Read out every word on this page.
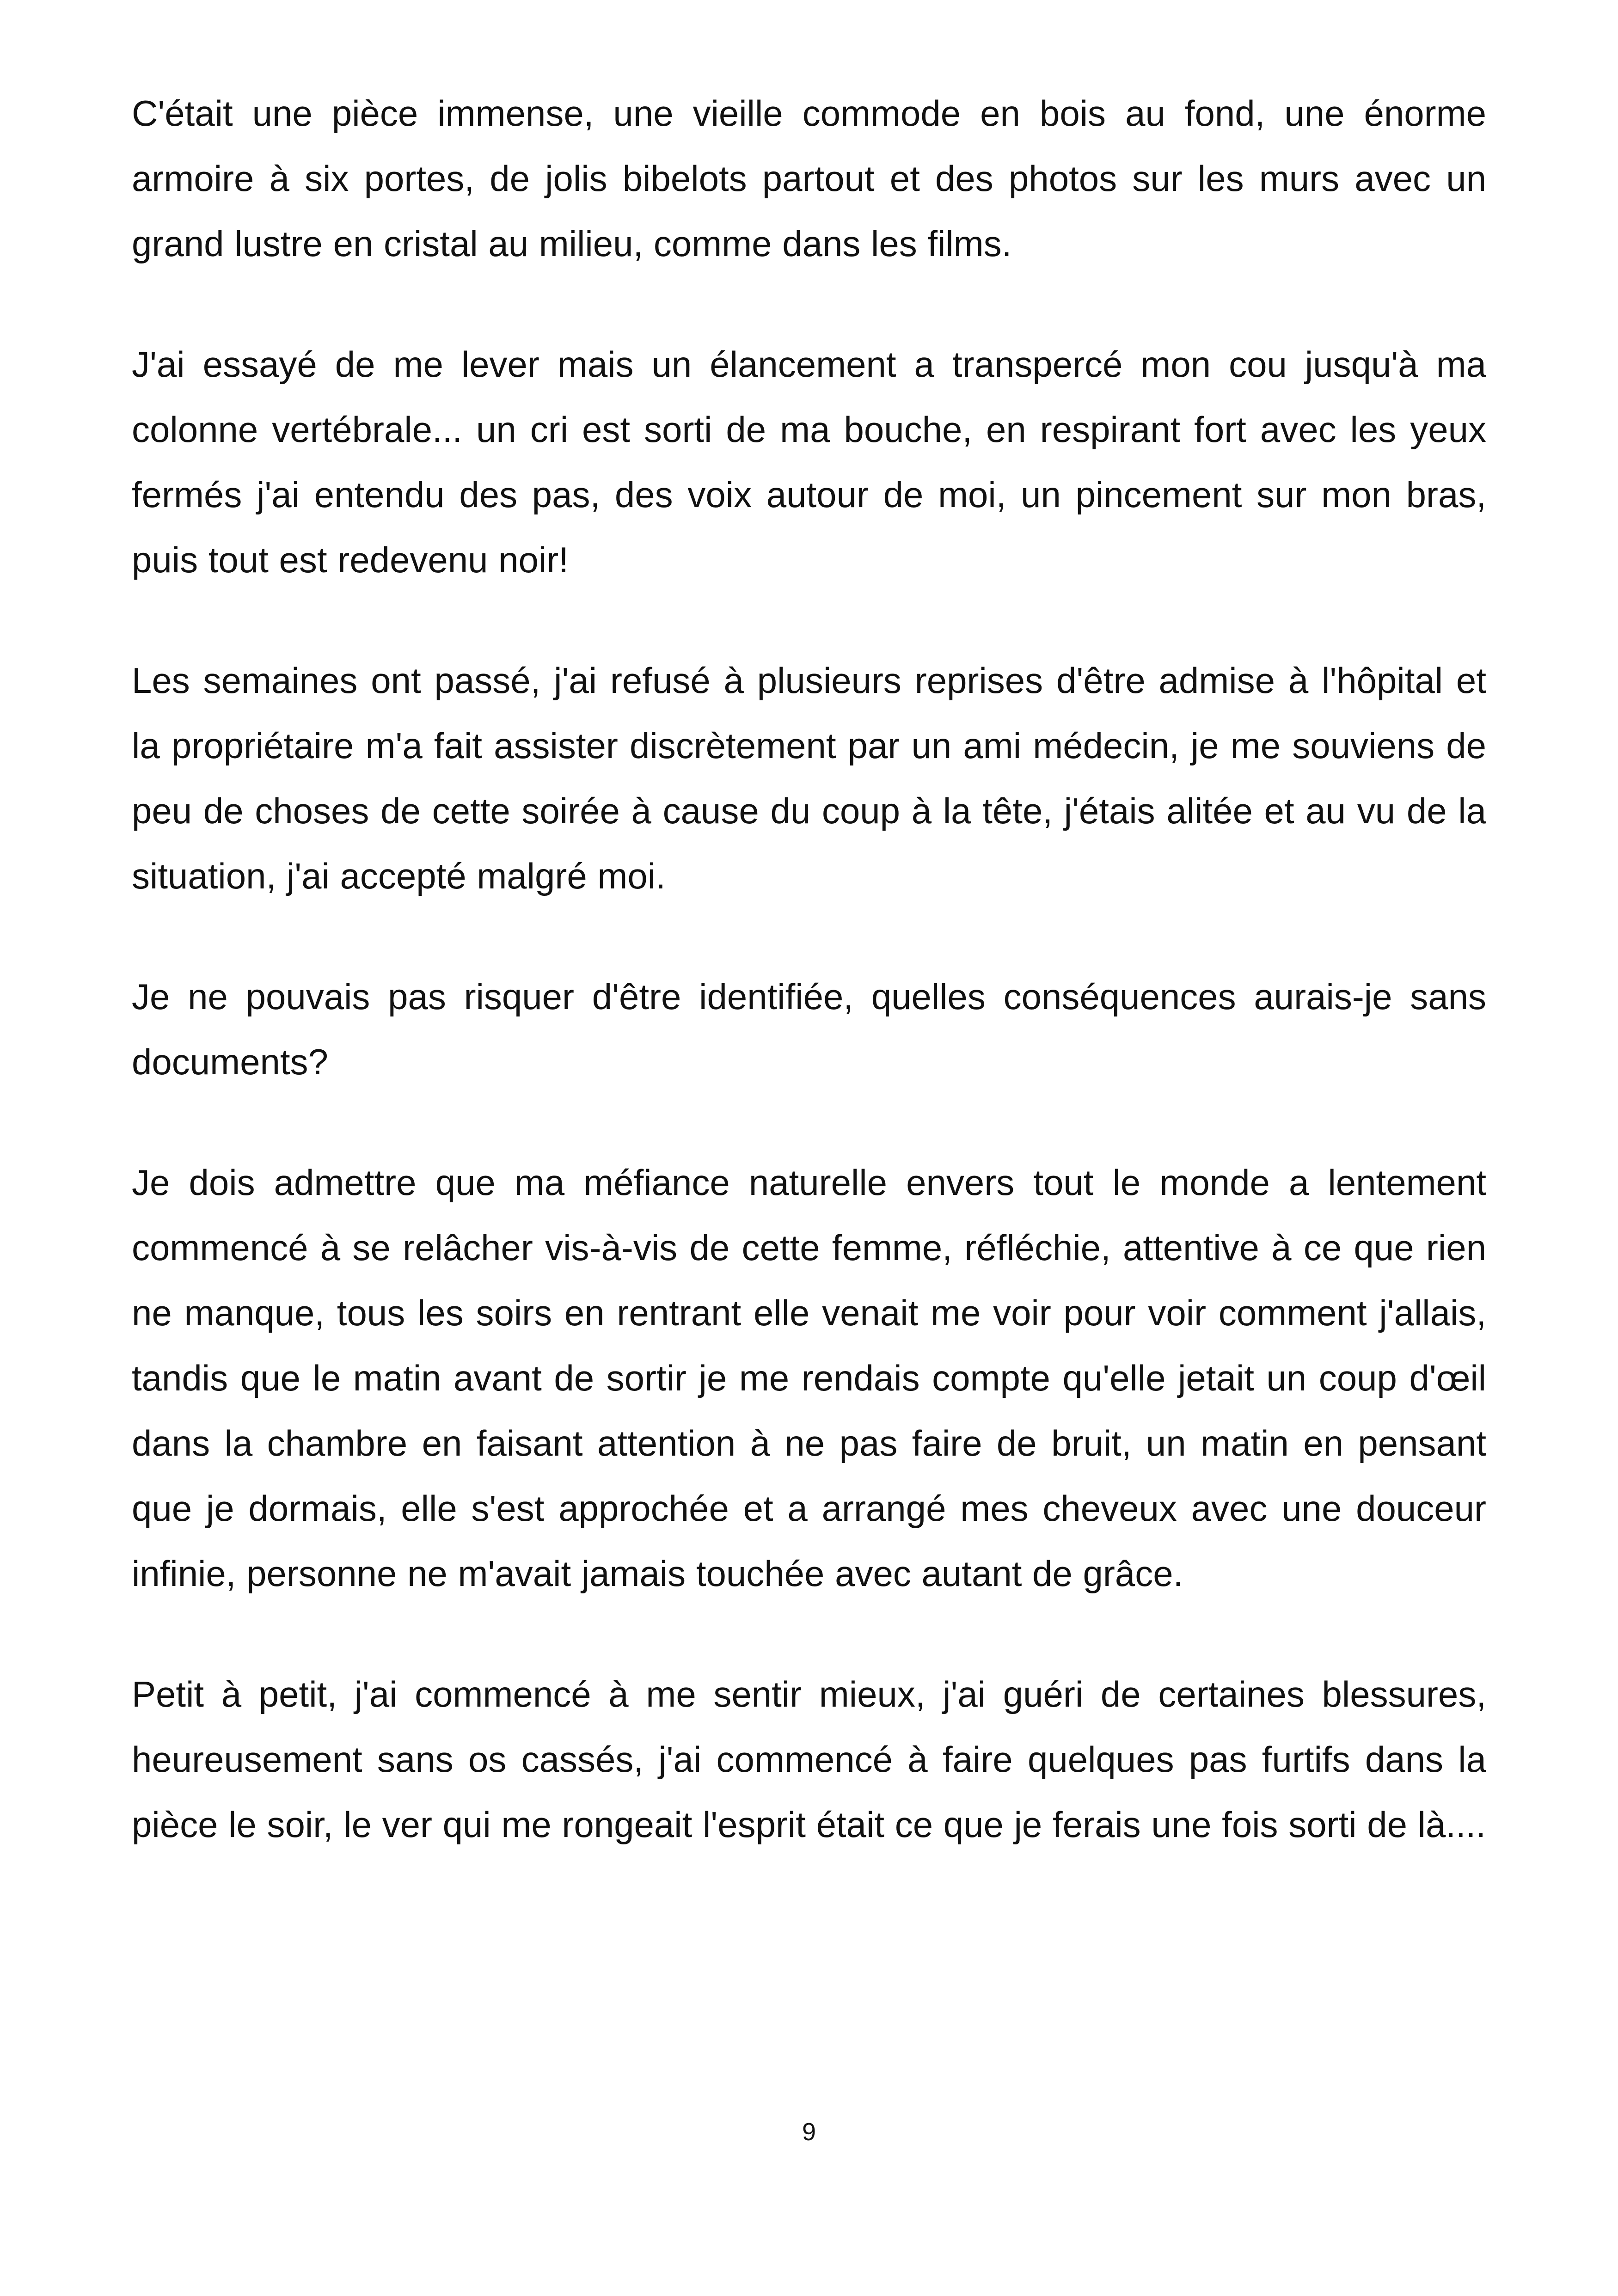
C'était une pièce immense, une vieille commode en bois au fond, une énorme armoire à six portes, de jolis bibelots partout et des photos sur les murs avec un grand lustre en cristal au milieu, comme dans les films.

J'ai essayé de me lever mais un élancement a transpercé mon cou jusqu'à ma colonne vertébrale... un cri est sorti de ma bouche, en respirant fort avec les yeux fermés j'ai entendu des pas, des voix autour de moi, un pincement sur mon bras, puis tout est redevenu noir!

Les semaines ont passé, j'ai refusé à plusieurs reprises d'être admise à l'hôpital et la propriétaire m'a fait assister discrètement par un ami médecin, je me souviens de peu de choses de cette soirée à cause du coup à la tête, j'étais alitée et au vu de la situation, j'ai accepté malgré moi.

Je ne pouvais pas risquer d'être identifiée, quelles conséquences aurais-je sans documents?

Je dois admettre que ma méfiance naturelle envers tout le monde a lentement commencé à se relâcher vis-à-vis de cette femme, réfléchie, attentive à ce que rien ne manque, tous les soirs en rentrant elle venait me voir pour voir comment j'allais, tandis que le matin avant de sortir je me rendais compte qu'elle jetait un coup d'œil dans la chambre en faisant attention à ne pas faire de bruit, un matin en pensant que je dormais, elle s'est approchée et a arrangé mes cheveux avec une douceur infinie, personne ne m'avait jamais touchée avec autant de grâce.

Petit à petit, j'ai commencé à me sentir mieux, j'ai guéri de certaines blessures, heureusement sans os cassés, j'ai commencé à faire quelques pas furtifs dans la pièce le soir, le ver qui me rongeait l'esprit était ce que je ferais une fois sorti de là....

9
